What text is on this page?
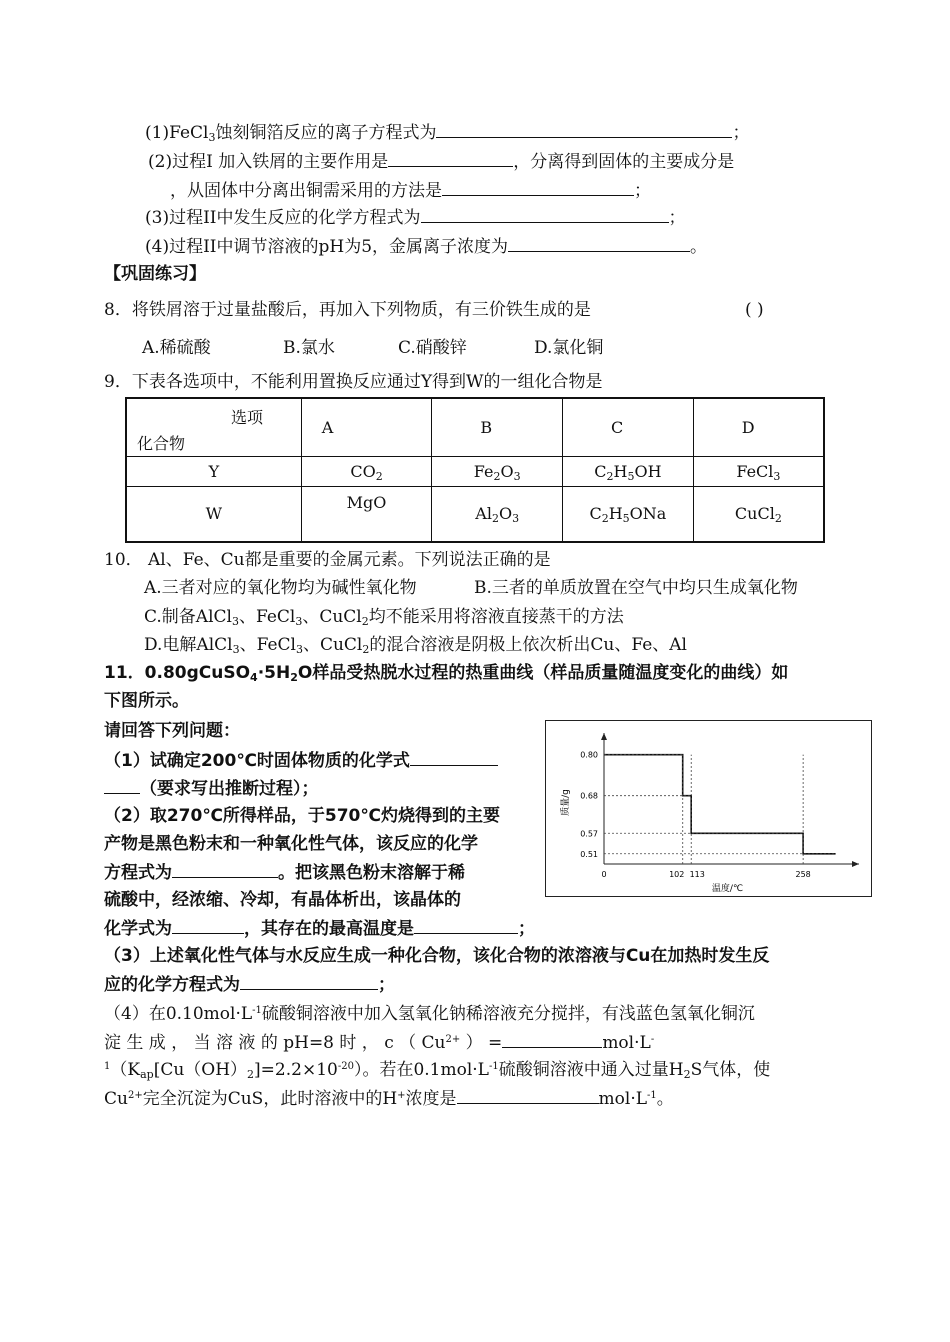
(1)FeCl$_3$蚀刻铜箔反应的离子方程式为	；
(2)过程Ⅰ 加入铁屑的主要作用是	，分离得到固体的主要成分是
，从固体中分离出铜需采用的方法是	；
(3)过程II中发生反应的化学方程式为	；
(4)过程II中调节溶液的pH为5，金属离子浓度为	。
【巩固练习】
8．将铁屑溶于过量盐酸后，再加入下列物质，有三价铁生成的是	( )
A.稀硫酸	B.氯水	C.硝酸锌	D.氯化铜
9．下表各选项中，不能利用置换反应通过Y得到W的一组化合物是
选项
化合物	A	B	C	D
Y	$CO_2$	$Fe_2O_3$	$C_2H_5OH$	FeCl$_3$
W	MgO	$Al_2O_3$	$C_2H_5ONa$	CuCl$_2$
10． Al、Fe、Cu都是重要的金属元素。下列说法正确的是
A.三者对应的氧化物均为碱性氧化物	B.三者的单质放置在空气中均只生成氧化物
C.制备AlCl$_3$、FeCl$_3$、CuCl$_2$均不能采用将溶液直接蒸干的方法
D.电解AlCl$_3$、FeCl$_3$、CuCl$_2$的混合溶液是阴极上依次析出Cu、Fe、Al
11．$0.80gCuSO_4\cdot 5H_2O$样品受热脱水过程的热重曲线（样品质量随温度变化的曲线）如
下图所示。
请回答下列问题：
（1）试确定200℃时固体物质的化学式
（要求写出推断过程）；
（2）取270℃所得样品，于570℃灼烧得到的主要
产物是黑色粉末和一种氧化性气体，该反应的化学
方程式为	。把该黑色粉末溶解于稀
硫酸中，经浓缩、冷却，有晶体析出，该晶体的
化学式为	，其存在的最高温度是	；
（3）上述氧化性气体与水反应生成一种化合物，该化合物的浓溶液与Cu在加热时发生反
应的化学方程式为	；
（4）在$0.10mol\cdot L^{-1}$硫酸铜溶液中加入氢氧化钠稀溶液充分搅拌，有浅蓝色氢氧化铜沉
淀 生 成 ， 当 溶 液 的 pH=8 时 ， c （ $Cu^{2+}$ ） =	mol·L-
$^1(K_{ap}[Cu(OH)_2]=2.2\times 10^{-20})$。若在$0.1mol\cdot L^{-1}$硫酸铜溶液中通入过量$H_2S$气体，使
$Cu^{2+}$完全沉淀为CuS，此时溶液中的H+浓度是	$mol\cdot L^{-1}$。
0.80
0.68
0.57
0.51
0	102 113	258
温度/℃
质量/g
